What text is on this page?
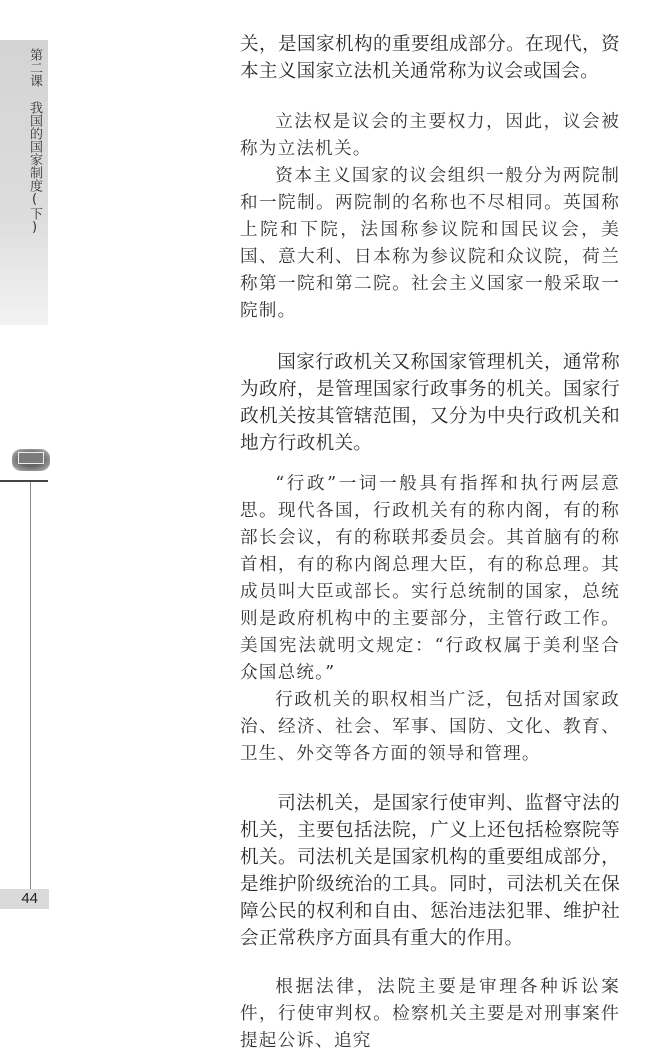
第二课我国的国家制度(下)
44

关，是国家机构的重要组成部分。在现代，资本主义国家立法机关通常称为议会或国会。

立法权是议会的主要权力，因此，议会被称为立法机关。

资本主义国家的议会组织一般分为两院制和一院制。两院制的名称也不尽相同。英国称上院和下院，法国称参议院和国民议会，美国、意大利、日本称为参议院和众议院，荷兰称第一院和第二院。社会主义国家一般采取一院制。

国家行政机关又称国家管理机关，通常称为政府，是管理国家行政事务的机关。国家行政机关按其管辖范围，又分为中央行政机关和地方行政机关。

“行政”一词一般具有指挥和执行两层意思。现代各国，行政机关有的称内阁，有的称部长会议，有的称联邦委员会。其首脑有的称首相，有的称内阁总理大臣，有的称总理。其成员叫大臣或部长。实行总统制的国家，总统则是政府机构中的主要部分，主管行政工作。美国宪法就明文规定：“行政权属于美利坚合众国总统。”

行政机关的职权相当广泛，包括对国家政治、经济、社会、军事、国防、文化、教育、卫生、外交等各方面的领导和管理。

司法机关，是国家行使审判、监督守法的机关，主要包括法院，广义上还包括检察院等机关。司法机关是国家机构的重要组成部分，是维护阶级统治的工具。同时，司法机关在保障公民的权利和自由、惩治违法犯罪、维护社会正常秩序方面具有重大的作用。

根据法律，法院主要是审理各种诉讼案件，行使审判权。检察机关主要是对刑事案件提起公诉、追究
